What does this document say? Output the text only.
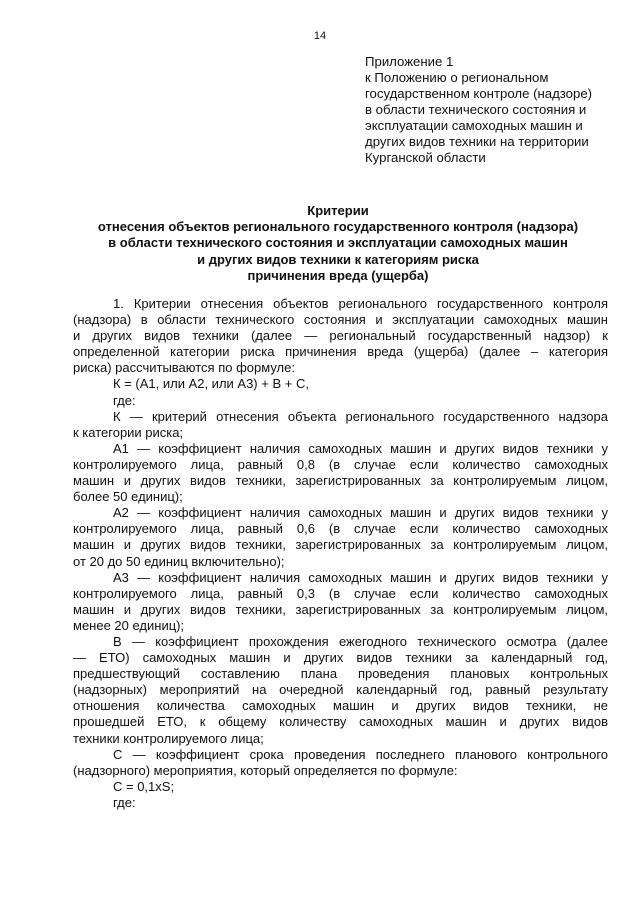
14
Приложение 1
к Положению о региональном
государственном контроле (надзоре)
в области технического состояния и
эксплуатации самоходных машин и
других видов техники на территории
Курганской области
Критерии
отнесения объектов регионального государственного контроля (надзора)
в области технического состояния и эксплуатации самоходных машин
и других видов техники к категориям риска
причинения вреда (ущерба)
1. Критерии отнесения объектов регионального государственного контроля
(надзора) в области технического состояния и эксплуатации самоходных машин
и других видов техники (далее — региональный государственный надзор) к
определенной категории риска причинения вреда (ущерба) (далее – категория
риска) рассчитываются по формуле:
К = (А1, или А2, или А3) + В + С,
где:
К — критерий отнесения объекта регионального государственного надзора
к категории риска;
А1 — коэффициент наличия самоходных машин и других видов техники у
контролируемого лица, равный 0,8 (в случае если количество самоходных
машин и других видов техники, зарегистрированных за контролируемым лицом,
более 50 единиц);
А2 — коэффициент наличия самоходных машин и других видов техники у
контролируемого лица, равный 0,6 (в случае если количество самоходных
машин и других видов техники, зарегистрированных за контролируемым лицом,
от 20 до 50 единиц включительно);
А3 — коэффициент наличия самоходных машин и других видов техники у
контролируемого лица, равный 0,3 (в случае если количество самоходных
машин и других видов техники, зарегистрированных за контролируемым лицом,
менее 20 единиц);
В — коэффициент прохождения ежегодного технического осмотра (далее
— ЕТО) самоходных машин и других видов техники за календарный год,
предшествующий составлению плана проведения плановых контрольных
(надзорных) мероприятий на очередной календарный год, равный результату
отношения количества самоходных машин и других видов техники, не
прошедшей ЕТО, к общему количеству самоходных машин и других видов
техники контролируемого лица;
С — коэффициент срока проведения последнего планового контрольного
(надзорного) мероприятия, который определяется по формуле:
С = 0,1xS;
где:
